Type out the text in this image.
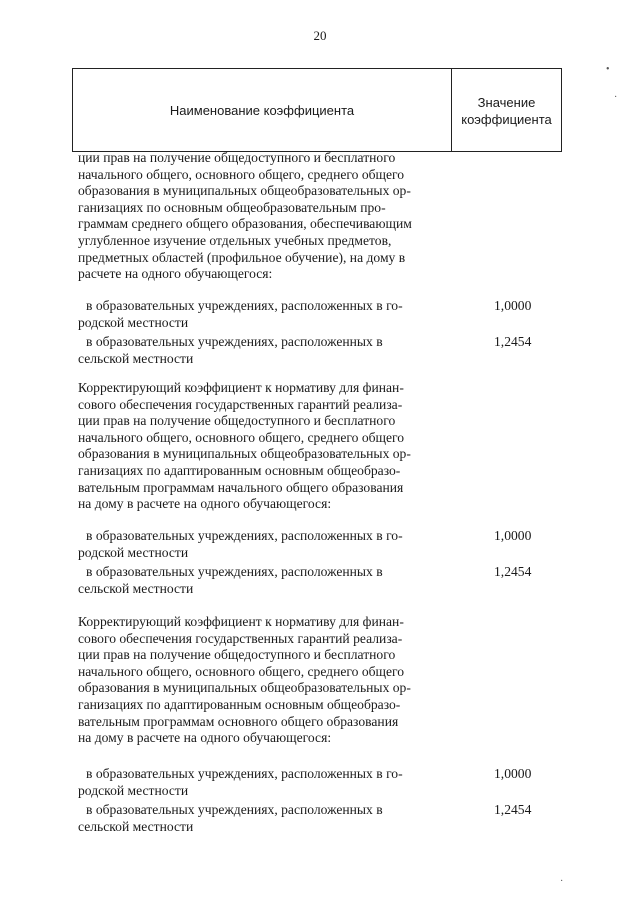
20
Наименование коэффициента	Значение
коэффициента
ции прав на получение общедоступного и бесплатного
начального общего, основного общего, среднего общего
образования в муниципальных общеобразовательных ор-
ганизациях по основным общеобразовательным про-
граммам среднего общего образования, обеспечивающим
углубленное изучение отдельных учебных предметов,
предметных областей (профильное обучение), на дому в
расчете на одного обучающегося:
в образовательных учреждениях, расположенных в го-
родской местности
1,0000
в образовательных учреждениях, расположенных в
сельской местности
1,2454
Корректирующий коэффициент к нормативу для финан-
сового обеспечения государственных гарантий реализа-
ции прав на получение общедоступного и бесплатного
начального общего, основного общего, среднего общего
образования в муниципальных общеобразовательных ор-
ганизациях по адаптированным основным общеобразо-
вательным программам начального общего образования
на дому в расчете на одного обучающегося:
в образовательных учреждениях, расположенных в го-
родской местности
1,0000
в образовательных учреждениях, расположенных в
сельской местности
1,2454
Корректирующий коэффициент к нормативу для финан-
сового обеспечения государственных гарантий реализа-
ции прав на получение общедоступного и бесплатного
начального общего, основного общего, среднего общего
образования в муниципальных общеобразовательных ор-
ганизациях по адаптированным основным общеобразо-
вательным программам основного общего образования
на дому в расчете на одного обучающегося:
в образовательных учреждениях, расположенных в го-
родской местности
1,0000
в образовательных учреждениях, расположенных в
сельской местности
1,2454
•
·
·
